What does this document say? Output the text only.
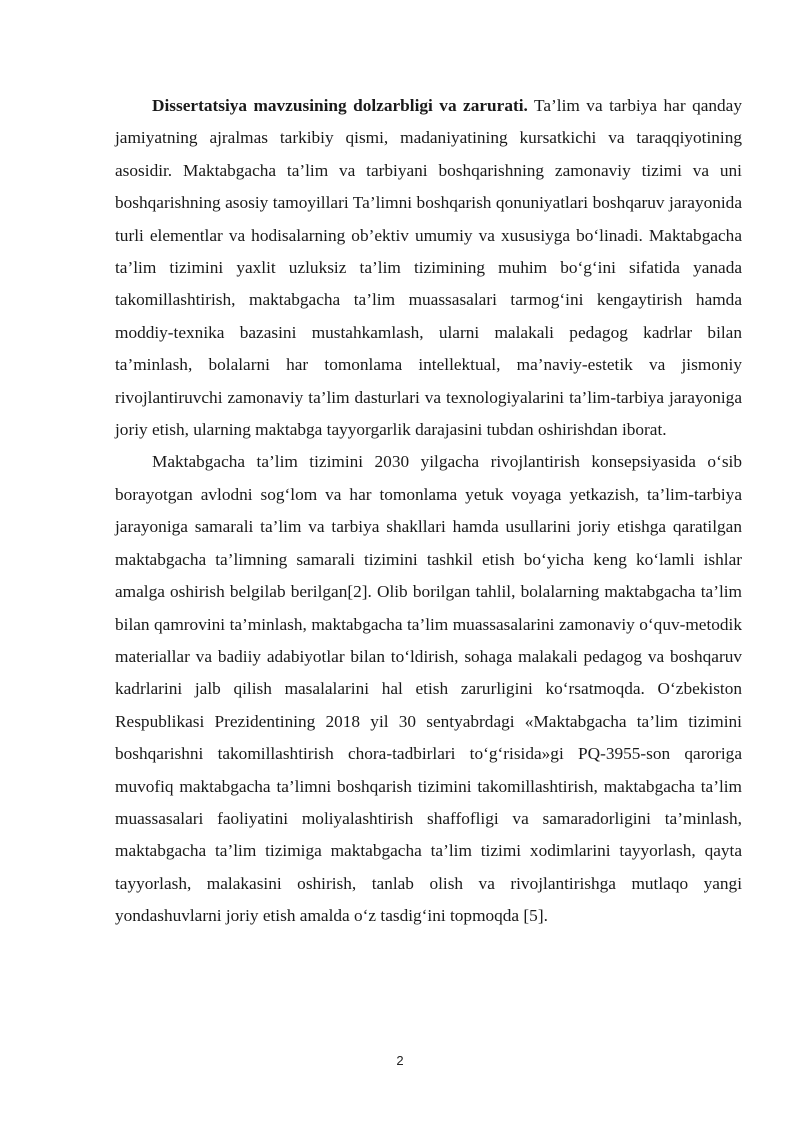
Dissertatsiya mavzusining dolzarbligi va zarurati. Ta’lim va tarbiya har qanday jamiyatning ajralmas tarkibiy qismi, madaniyatining kursatkichi va taraqqiyotining asosidir. Maktabgacha ta’lim va tarbiyani boshqarishning zamonaviy tizimi va uni boshqarishning asosiy tamoyillari Ta’limni boshqarish qonuniyatlari boshqaruv jarayonida turli elementlar va hodisalarning ob’ektiv umumiy va xususiyga bo‘linadi. Maktabgacha ta’lim tizimini yaxlit uzluksiz ta’lim tizimining muhim bo‘g‘ini sifatida yanada takomillashtirish, maktabgacha ta’lim muassasalari tarmog‘ini kengaytirish hamda moddiy-texnika bazasini mustahkamlash, ularni malakali pedagog kadrlar bilan ta’minlash, bolalarni har tomonlama intellektual, ma’naviy-estetik va jismoniy rivojlantiruvchi zamonaviy ta’lim dasturlari va texnologiyalarini ta’lim-tarbiya jarayoniga joriy etish, ularning maktabga tayyorgarlik darajasini tubdan oshirishdan iborat.

Maktabgacha ta’lim tizimini 2030 yilgacha rivojlantirish konsepsiyasida o‘sib borayotgan avlodni sog‘lom va har tomonlama yetuk voyaga yetkazish, ta’lim-tarbiya jarayoniga samarali ta’lim va tarbiya shakllari hamda usullarini joriy etishga qaratilgan maktabgacha ta’limning samarali tizimini tashkil etish bo‘yicha keng ko‘lamli ishlar amalga oshirish belgilab berilgan[2]. Olib borilgan tahlil, bolalarning maktabgacha ta’lim bilan qamrovini ta’minlash, maktabgacha ta’lim muassasalarini zamonaviy o‘quv-metodik materiallar va badiiy adabiyotlar bilan to‘ldirish, sohaga malakali pedagog va boshqaruv kadrlarini jalb qilish masalalarini hal etish zarurligini ko‘rsatmoqda. O‘zbekiston Respublikasi Prezidentining 2018 yil 30 sentyabrdagi «Maktabgacha ta’lim tizimini boshqarishni takomillashtirish chora-tadbirlari to‘g‘risida»gi PQ-3955-son qaroriga muvofiq maktabgacha ta’limni boshqarish tizimini takomillashtirish, maktabgacha ta’lim muassasalari faoliyatini moliyalashtirish shaffofligi va samaradorligini ta’minlash, maktabgacha ta’lim tizimiga maktabgacha ta’lim tizimi xodimlarini tayyorlash, qayta tayyorlash, malakasini oshirish, tanlab olish va rivojlantirishga mutlaqo yangi yondashuvlarni joriy etish amalda o‘z tasdig‘ini topmoqda [5].

2
